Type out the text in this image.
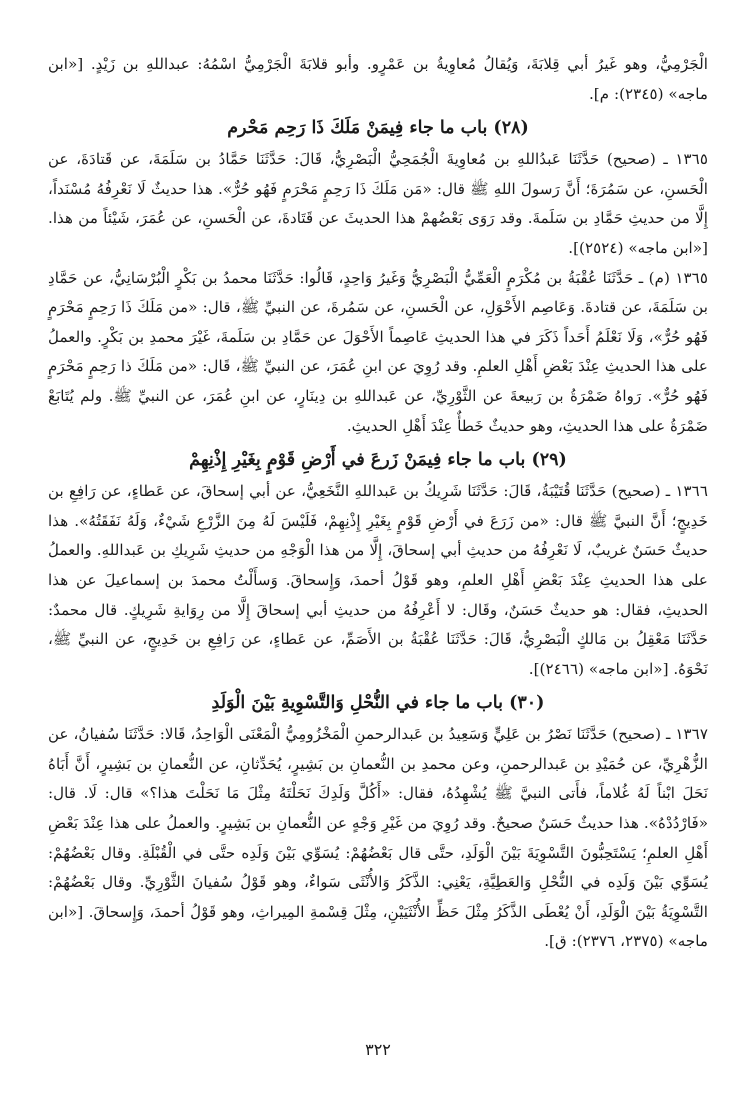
الْجَرْمِيُّ، وهو غَيرُ أبي قِلابَةَ، وَيُقالُ مُعاوِيةُ بن عَمْرٍو. وأبو قلابَةَ الْجَرْمِيُّ اسْمُهُ: عبداللهِ بن زَيْدٍ. [«ابن ماجه» (٢٣٤٥): م].

(٢٨) باب ما جاء فِيمَنْ مَلَكَ ذَا رَحِم مَحْرم

١٣٦٥ ـ (صحيح) حَدَّثَنَا عَبدُاللهِ بن مُعاوِيةَ الْجُمَحِيُّ الْبَصْرِيُّ، قَالَ: حَدَّثَنَا حَمَّادُ بن سَلَمَةَ، عن قَتادَةَ، عن الْحَسنِ، عن سَمُرَةَ؛ أَنَّ رَسولَ اللهِ ﷺ قال: «مَن مَلَكَ ذَا رَحِمٍ مَحْرَمٍ فَهُو حُرٌّ». هذا حديثٌ لَا نَعْرِفُهُ مُسْنَداً، إِلَّا من حديثِ حَمَّادِ بن سَلَمةَ. وقد رَوَى بَعْضُهمْ هذا الحديثَ عن قَتَادةَ، عن الْحَسنِ، عن عُمَرَ، شَيْئاً من هذا. [«ابن ماجه» (٢٥٢٤)].

١٣٦٥ (م) ـ حَدَّثَنَا عُقْبَةُ بن مُكْرَمٍ الْعَمِّيُّ الْبَصْرِيُّ وَغَيرُ وَاحِدٍ، قَالُوا: حَدَّثَنَا محمدُ بن بَكْرٍ الْبُرْسَانِيُّ، عن حَمَّادِ بن سَلَمَةَ، عن قتادةَ. وَعَاصِم الأَحْوَلِ، عن الْحَسنِ، عن سَمُرةَ، عن النبيِّ ﷺ، قال: «من مَلَكَ ذَا رَحِمٍ مَحْرَمٍ فَهُو حُرٌّ»، وَلَا نَعْلَمُ أَحَداً ذَكَرَ في هذا الحديثِ عَاصِماً الأَحْوَلَ عن حَمَّادِ بن سَلَمةَ، غَيْرَ محمدِ بن بَكْرٍ. والعملُ على هذا الحديثِ عِنْدَ بَعْضِ أَهْلِ العلمِ. وقد رُوِيَ عن ابنِ عُمَرَ، عن النبيِّ ﷺ، قَال: «من مَلَكَ ذا رَحِمٍ مَحْرَمٍ فَهُو حُرٌّ». رَواهُ ضَمْرَةُ بن رَبيعةَ عن الثَّوْرِيِّ، عن عَبداللهِ بن دِينَارٍ، عن ابنِ عُمَرَ، عن النبيِّ ﷺ. ولم يُتَابَعْ ضَمْرَةُ على هذا الحديثِ، وهو حديثٌ خَطأٌ عِنْدَ أَهْلِ الحديثِ.

(٢٩) باب ما جاء فِيمَنْ زَرعَ في أَرْضِ قَوْمٍ بِغَيْرِ إِذْنِهِمْ

١٣٦٦ ـ (صحيح) حَدَّثَنَا قُتَيْبَةُ، قَالَ: حَدَّثَنَا شَرِيكُ بن عَبداللهِ النَّخَعِيُّ، عن أبي إسحاقَ، عن عَطاءٍ، عن رَافِعِ بن خَدِيجٍ؛ أَنَّ النبيَّ ﷺ قال: «من زَرَعَ في أَرْضِ قَوْمٍ بِغَيْرِ إِذْنِهِمْ، فَلَيْسَ لَهُ مِنَ الزَّرْعِ شَيْءٌ، وَلَهُ نَفَقَتُهُ». هذا حديثٌ حَسَنٌ غريبٌ، لَا نَعْرِفُهُ من حديثِ أبي إسحاقَ، إِلَّا من هذا الْوَجْهِ من حديثِ شَرِيكِ بن عَبداللهِ. والعملُ على هذا الحديثِ عِنْدَ بَعْضِ أَهْلِ العلمِ، وهو قَوْلُ أحمدَ، وَإِسحاقَ. وَسأَلْتُ محمدَ بن إسماعيلَ عن هذا الحديثِ، فقال: هو حديثٌ حَسَنٌ، وقَال: لا أَعْرِفُهُ من حديثِ أبي إسحاقَ إِلَّا من رِوَايةِ شَرِيكٍ. قال محمدٌ: حَدَّثَنَا مَعْقِلُ بن مَالكٍ الْبَصْرِيُّ، قَالَ: حَدَّثَنَا عُقْبَةُ بن الأَصَمِّ، عن عَطاءٍ، عن رَافِعِ بن خَدِيجٍ، عن النبيِّ ﷺ، نَحْوَهُ. [«ابن ماجه» (٢٤٦٦)].

(٣٠) باب ما جاء في النُّحْلِ وَالتَّسْوِيةِ بَيْنَ الْوَلَدِ

١٣٦٧ ـ (صحيح) حَدَّثَنَا نَصْرُ بن عَلِيٍّ وَسَعِيدُ بن عَبدالرحمنِ الْمَخْزُومِيُّ الْمَعْنَى الْوَاحِدُ، قَالا: حَدَّثَنَا سُفيانُ، عن الزُّهْرِيِّ، عن حُمَيْدِ بن عَبدالرحمنِ، وعن محمدِ بن النُّعمانِ بن بَشِيرٍ، يُحَدِّثانِ، عن النُّعمانِ بن بَشِيرٍ، أَنَّ أَبَاهُ نَحَلَ ابْناً لَهُ غُلاماً، فأَتى النبيَّ ﷺ يُشْهِدُهُ، فقال: «أَكُلَّ وَلَدِكَ نَحَلْتَهُ مِثْلَ مَا نَحَلْتَ هذا؟» قال: لَا. قال: «فَارْدُدْهُ». هذا حديثٌ حَسَنٌ صحيحٌ. وقد رُوِيَ من غَيْرِ وَجْهٍ عن النُّعمانِ بن بَشِيرٍ. والعملُ على هذا عِنْدَ بَعْضِ أَهْلِ العلمِ؛ يَسْتَحِبُّونَ التَّسْوِيَةَ بَيْنَ الْوَلَدِ، حتَّى قال بَعْضُهُمْ: يُسَوِّي بَيْنَ وَلَدِه حتَّى في الْقُبْلَةِ. وقال بَعْضُهُمْ: يُسَوِّي بَيْنَ وَلَدِه في النُّحْلِ وَالعَطِيَّةِ، يَعْنِي: الذَّكَرُ وَالأُنْثَى سَواءٌ، وهو قَوْلُ سُفيانَ الثَّوْرِيِّ. وقال بَعْضُهُمْ: التَّسْوِيَةُ بَيْنَ الْوَلَدِ، أَنْ يُعْطَى الذَّكَرُ مِثْلَ حَظِّ الأُنْثَيَيْنِ، مِثْلَ قِسْمةِ المِيراثِ، وهو قَوْلُ أحمدَ، وَإِسحاقَ. [«ابن ماجه» (٢٣٧٥، ٢٣٧٦): ق].

٣٢٢
